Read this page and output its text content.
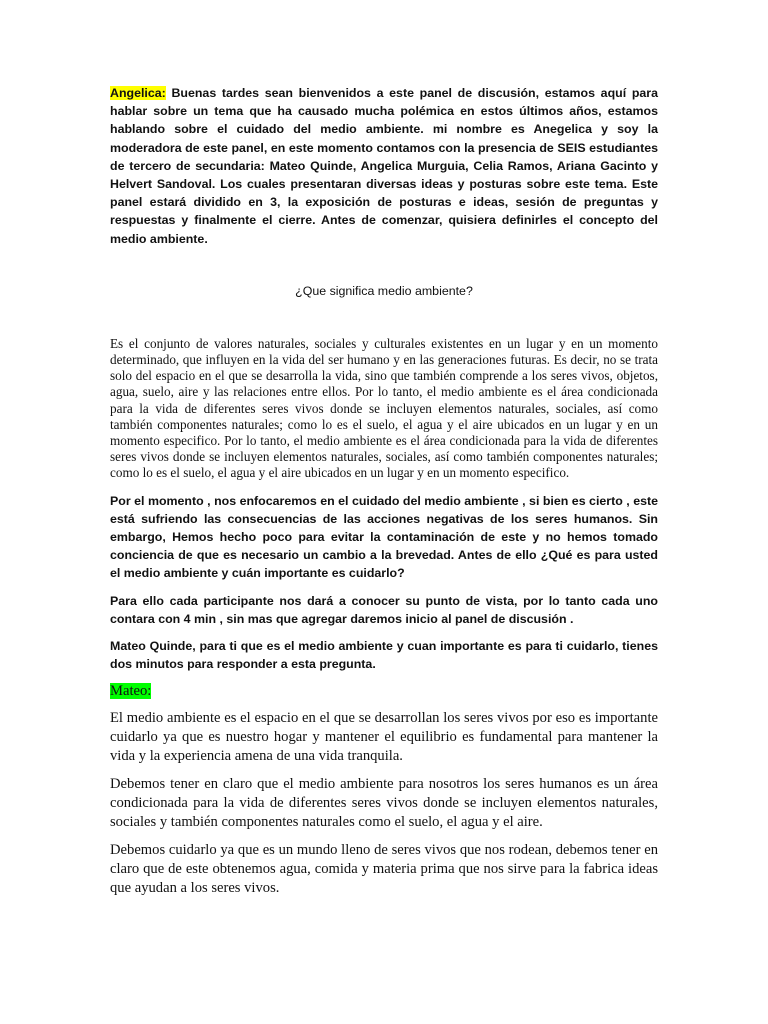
Angelica: Buenas tardes sean bienvenidos a este panel de discusión, estamos aquí para hablar sobre un tema que ha causado mucha polémica en estos últimos años, estamos hablando sobre el cuidado del medio ambiente. mi nombre es Anegelica y soy la moderadora de este panel, en este momento contamos con la presencia de SEIS estudiantes de tercero de secundaria: Mateo Quinde, Angelica Murguia, Celia Ramos, Ariana Gacinto y Helvert Sandoval. Los cuales presentaran diversas ideas y posturas sobre este tema. Este panel estará dividido en 3, la exposición de posturas e ideas, sesión de preguntas y respuestas y finalmente el cierre. Antes de comenzar, quisiera definirles el concepto del medio ambiente.

¿Que significa medio ambiente?

Es el conjunto de valores naturales, sociales y culturales existentes en un lugar y en un momento determinado, que influyen en la vida del ser humano y en las generaciones futuras. Es decir, no se trata solo del espacio en el que se desarrolla la vida, sino que también comprende a los seres vivos, objetos, agua, suelo, aire y las relaciones entre ellos. Por lo tanto, el medio ambiente es el área condicionada para la vida de diferentes seres vivos donde se incluyen elementos naturales, sociales, así como también componentes naturales; como lo es el suelo, el agua y el aire ubicados en un lugar y en un momento especifico. Por lo tanto, el medio ambiente es el área condicionada para la vida de diferentes seres vivos donde se incluyen elementos naturales, sociales, así como también componentes naturales; como lo es el suelo, el agua y el aire ubicados en un lugar y en un momento especifico.

Por el momento , nos enfocaremos en el cuidado del medio ambiente , si bien es cierto , este está sufriendo las consecuencias de las acciones negativas de los seres humanos. Sin embargo, Hemos hecho poco para evitar la contaminación de este y no hemos tomado conciencia de que es necesario un cambio a la brevedad. Antes de ello ¿Qué es para usted el medio ambiente y cuán importante es cuidarlo?

Para ello cada participante nos dará a conocer su punto de vista, por lo tanto cada uno contara con 4 min , sin mas que agregar daremos inicio al panel de discusión .

Mateo Quinde, para ti que es el medio ambiente y cuan importante es para ti cuidarlo, tienes dos minutos para responder a esta pregunta.

Mateo:

El medio ambiente es el espacio en el que se desarrollan los seres vivos por eso es importante cuidarlo ya que es nuestro hogar y mantener el equilibrio es fundamental para mantener la vida y la experiencia amena de una vida tranquila.

Debemos tener en claro que el medio ambiente para nosotros los seres humanos es un área condicionada para la vida de diferentes seres vivos donde se incluyen elementos naturales, sociales y también componentes naturales como el suelo, el agua y el aire.

Debemos cuidarlo ya que es un mundo lleno de seres vivos que nos rodean, debemos tener en claro que de este obtenemos agua, comida y materia prima que nos sirve para la fabrica ideas que ayudan a los seres vivos.
